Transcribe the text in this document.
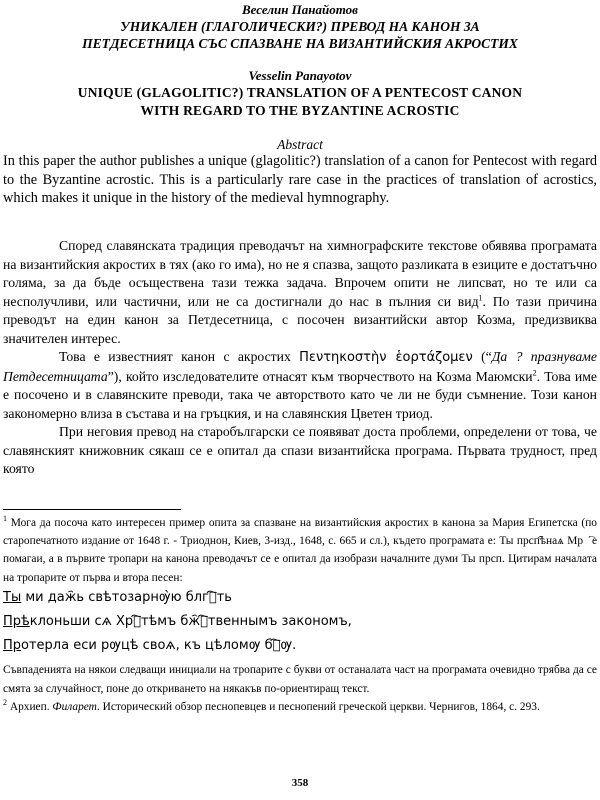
Веселин Панайотов
УНИКАЛЕН (ГЛАГОЛИЧЕСКИ?) ПРЕВОД НА КАНОН ЗА
ПЕТДЕСЕТНИЦА СЪС СПАЗВАНЕ НА ВИЗАНТИЙСКИЯ АКРОСТИХ
Vesselin Panayotov
UNIQUE (GLAGOLITIC?) TRANSLATION OF A PENTECOST CANON
WITH REGARD TO THE BYZANTINE ACROSTIC
Abstract
In this paper the author publishes a unique (glagolitic?) translation of a canon for Pentecost with regard to the Byzantine acrostic. This is a particularly rare case in the practices of translation of acrostics, which makes it unique in the history of the medieval hymnography.

Според славянската традиция преводачът на химнографските текстове обявява програмата на византийския акростих в тях (ако го има), но не я спазва, защото разликата в езиците е достатъчно голяма, за да бъде осъществена тази тежка задача. Впрочем опити не липсват, но те или са несполучливи, или частични, или не са достигнали до нас в пълния си вид$^1$. По тази причина преводът на един канон за Петдесетница, с посочен византийски автор Козма, предизвиква значителен интерес.

Това е известният канон с акростих Πεντηκοστὴν ἑορτάζομεν (“Да ? празнуваме Петдесетницата”), който изследователите отнасят към творчеството на Козма Маюмски$^2$. Това име е посочено и в славянските преводи, така че авторството като че ли не буди съмнение. Този канон закономерно влиза в състава и на гръцкия, и на славянския Цветен триод.

При неговия превод на старобългарски се появяват доста проблеми, определени от това, че славянският книжовник сякаш се е опитал да спази византийска програма. Първата трудност, пред която

$^1$ Мога да посоча като интересен пример опита за спазване на византийския акростих в канона за Мария Египетска (по старопечатното издание от 1648 г. - Триоднон, Киев, 3-изд., 1648, с. 665 и сл.), където програмата е: Ты прсп҄ѣнаѧ Мрⷬ҇е помагаи, а в първите тропари на канона преводачът се е опитал да изобрази началните думи Ты прсп. Цитирам началата на тропарите от първа и втора песен:

Ты ми даж҄ь свѣтозарнѹ̀ю блгⷭ҇ть

Прѣклоньши сѧ Хрⷭ҇тѣмъ бж҄ⷭ҇твеннымъ закономъ,

Протерла еси рѹцѣ своѧ, къ цѣломѹ бⷢ҇ѹ.

Съвпаденията на някои следващи инициали на тропарите с букви от останалата част на програмата очевидно трябва да се смята за случайност, поне до откриването на някакъв по-ориентиращ текст.

$^2$ Архиеп. Филарет. Исторический обзор песнопевцев и песнопений греческой церкви. Чернигов, 1864, с. 293.

358
